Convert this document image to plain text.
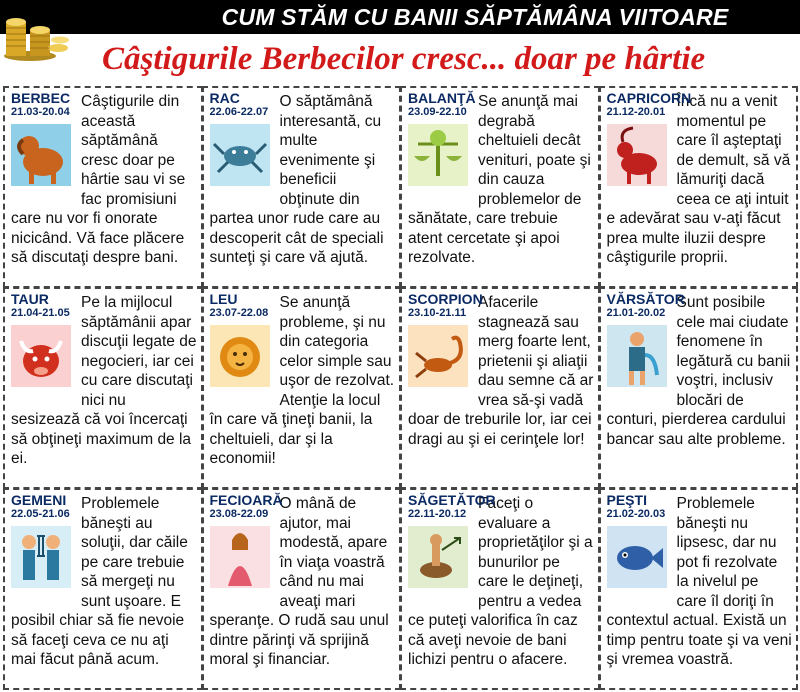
CUM STĂM CU BANII SĂPTĂMÂNA VIITOARE
Câştigurile Berbecilor cresc... doar pe hârtie
Câştigurile din această săptămână cresc doar pe hârtie sau vi se fac promisiuni care nu vor fi onorate nicicând. Vă face plăcere să discutaţi despre bani.
BERBEC
21.03-20.04
O săptămână interesantă, cu multe evenimente şi beneficii obţinute din partea unor rude care au descoperit cât de speciali sunteţi şi care vă ajută.
RAC
22.06-22.07
Se anunţă mai degrabă cheltuieli decât venituri, poate şi din cauza problemelor de sănătate, care trebuie atent cercetate şi apoi rezolvate.
BALANŢĂ
23.09-22.10
Încă nu a venit momentul pe care îl aşteptaţi de demult, să vă lămuriţi dacă ceea ce aţi intuit e adevărat sau v-aţi făcut prea multe iluzii despre câştigurile proprii.
CAPRICORN
21.12-20.01
Pe la mijlocul săptămânii apar discuţii legate de negocieri, iar cei cu care discutaţi nici nu sesizează că voi încercaţi să obţineţi maximum de la ei.
TAUR
21.04-21.05
Se anunţă probleme, şi nu din categoria celor simple sau uşor de rezolvat. Atenţie la locul în care vă ţineţi banii, la cheltuieli, dar şi la economii!
LEU
23.07-22.08
Afacerile stagnează sau merg foarte lent, prietenii şi aliaţii dau semne că ar vrea să-şi vadă doar de treburile lor, iar cei dragi au şi ei cerinţele lor!
SCORPION
23.10-21.11
Sunt posibile cele mai ciudate fenomene în legătură cu banii voştri, inclusiv blocări de conturi, pierderea cardului bancar sau alte probleme.
VĂRSĂTOR
21.01-20.02
Problemele băneşti au soluţii, dar căile pe care trebuie să mergeţi nu sunt uşoare. E posibil chiar să fie nevoie să faceţi ceva ce nu aţi mai făcut până acum.
GEMENI
22.05-21.06
O mână de ajutor, mai modestă, apare în viaţa voastră când nu mai aveaţi mari speranţe. O rudă sau unul dintre părinţi vă sprijină moral şi financiar.
FECIOARĂ
23.08-22.09
Faceţi o evaluare a proprietăţilor şi a bunurilor pe care le deţineţi, pentru a vedea ce puteţi valorifica în caz că aveţi nevoie de bani lichizi pentru o afacere.
SĂGETĂTOR
22.11-20.12
Problemele băneşti nu lipsesc, dar nu pot fi rezolvate la nivelul pe care îl doriţi în contextul actual. Există un timp pentru toate şi va veni şi vremea voastră.
PEŞTI
21.02-20.03
